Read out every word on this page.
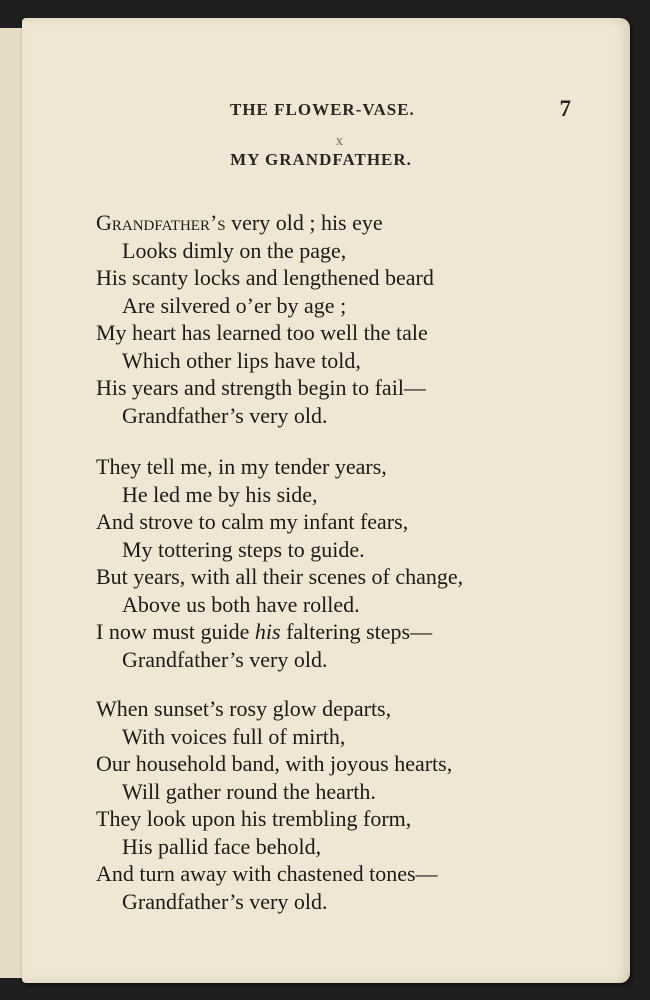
THE FLOWER-VASE.	7
x
MY GRANDFATHER.
Grandfather’s very old ; his eye
Looks dimly on the page,
His scanty locks and lengthened beard
Are silvered o’er by age ;
My heart has learned too well the tale
Which other lips have told,
His years and strength begin to fail—
Grandfather’s very old.
They tell me, in my tender years,
He led me by his side,
And strove to calm my infant fears,
My tottering steps to guide.
But years, with all their scenes of change,
Above us both have rolled.
I now must guide his faltering steps—
Grandfather’s very old.
When sunset’s rosy glow departs,
With voices full of mirth,
Our household band, with joyous hearts,
Will gather round the hearth.
They look upon his trembling form,
His pallid face behold,
And turn away with chastened tones—
Grandfather’s very old.
